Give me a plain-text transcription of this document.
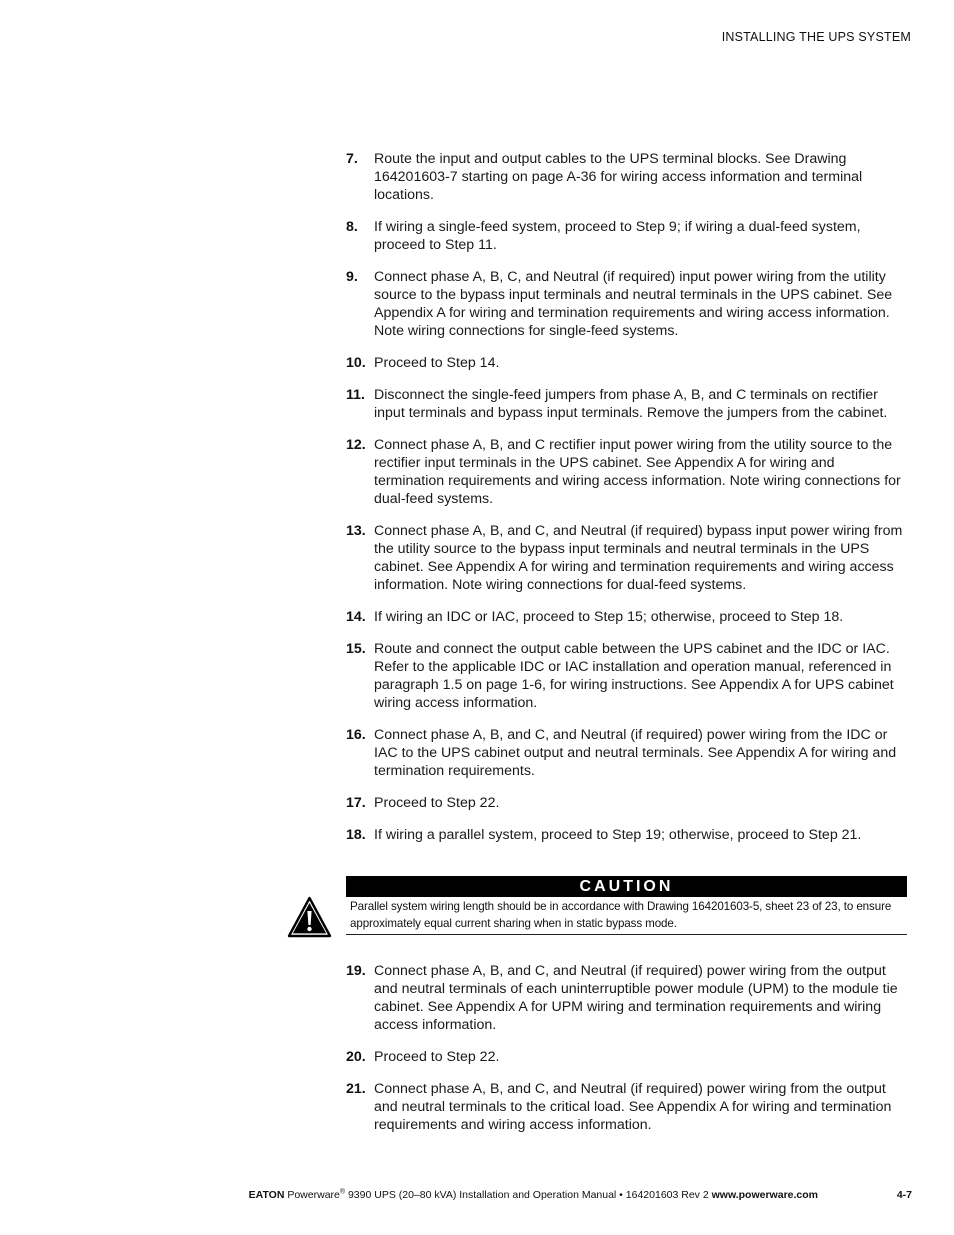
INSTALLING THE UPS SYSTEM
7. Route the input and output cables to the UPS terminal blocks. See Drawing 164201603-7 starting on page A-36 for wiring access information and terminal locations.
8. If wiring a single-feed system, proceed to Step 9; if wiring a dual-feed system, proceed to Step 11.
9. Connect phase A, B, C, and Neutral (if required) input power wiring from the utility source to the bypass input terminals and neutral terminals in the UPS cabinet. See Appendix A for wiring and termination requirements and wiring access information. Note wiring connections for single-feed systems.
10. Proceed to Step 14.
11. Disconnect the single-feed jumpers from phase A, B, and C terminals on rectifier input terminals and bypass input terminals. Remove the jumpers from the cabinet.
12. Connect phase A, B, and C rectifier input power wiring from the utility source to the rectifier input terminals in the UPS cabinet. See Appendix A for wiring and termination requirements and wiring access information. Note wiring connections for dual-feed systems.
13. Connect phase A, B, and C, and Neutral (if required) bypass input power wiring from the utility source to the bypass input terminals and neutral terminals in the UPS cabinet. See Appendix A for wiring and termination requirements and wiring access information. Note wiring connections for dual-feed systems.
14. If wiring an IDC or IAC, proceed to Step 15; otherwise, proceed to Step 18.
15. Route and connect the output cable between the UPS cabinet and the IDC or IAC. Refer to the applicable IDC or IAC installation and operation manual, referenced in paragraph 1.5 on page 1-6, for wiring instructions. See Appendix A for UPS cabinet wiring access information.
16. Connect phase A, B, and C, and Neutral (if required) power wiring from the IDC or IAC to the UPS cabinet output and neutral terminals. See Appendix A for wiring and termination requirements.
17. Proceed to Step 22.
18. If wiring a parallel system, proceed to Step 19; otherwise, proceed to Step 21.
CAUTION
Parallel system wiring length should be in accordance with Drawing 164201603-5, sheet 23 of 23, to ensure approximately equal current sharing when in static bypass mode.
19. Connect phase A, B, and C, and Neutral (if required) power wiring from the output and neutral terminals of each uninterruptible power module (UPM) to the module tie cabinet. See Appendix A for UPM wiring and termination requirements and wiring access information.
20. Proceed to Step 22.
21. Connect phase A, B, and C, and Neutral (if required) power wiring from the output and neutral terminals to the critical load. See Appendix A for wiring and termination requirements and wiring access information.
EATON Powerware® 9390 UPS (20–80 kVA) Installation and Operation Manual • 164201603 Rev 2 www.powerware.com	4-7
